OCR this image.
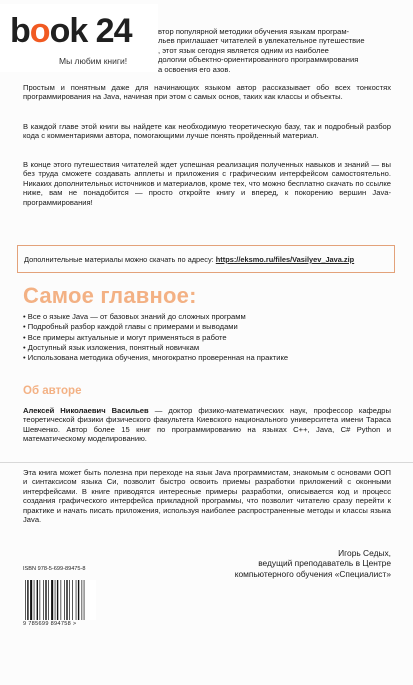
book 24
Мы любим книги!
втор популярной методики обучения языкам програм-
льев приглашает читателей в увлекательное путешествие
, этот язык сегодня является одним из наиболее
дологии объектно-ориентированного программирования
а освоения его азов.

Простым и понятным даже для начинающих языком автор рассказывает обо всех тонкостях программирования на Java, начиная при этом с самых основ, таких как классы и объекты.

В каждой главе этой книги вы найдете как необходимую теоретическую базу, так и подробный разбор кода с комментариями автора, помогающими лучше понять пройденный материал.

В конце этого путешествия читателей ждет успешная реализация полученных навыков и знаний — вы без труда сможете создавать апплеты и приложения с графическим интерфейсом самостоятельно. Никаких дополнительных источников и материалов, кроме тех, что можно бесплатно скачать по ссылке ниже, вам не понадобится — просто откройте книгу и вперед, к покорению вершин Java-программирования!

Дополнительные материалы можно скачать по адресу: https://eksmo.ru/files/Vasilyev_Java.zip
Самое главное:
• Все о языке Java — от базовых знаний до сложных программ
• Подробный разбор каждой главы с примерами и выводами
• Все примеры актуальные и могут применяться в работе
• Доступный язык изложения, понятный новичкам
• Использована методика обучения, многократно проверенная на практике
Об авторе

Алексей Николаевич Васильев — доктор физико-математических наук, профессор кафедры теоретической физики физического факультета Киевского национального университета имени Тараса Шевченко. Автор более 15 книг по программированию на языках C++, Java, C# Python и математическому моделированию.

Эта книга может быть полезна при переходе на язык Java программистам, знакомым с основами ООП и синтаксисом языка Си, позволит быстро освоить приемы разработки приложений с оконными интерфейсами. В книге приводятся интересные примеры разработки, описывается код и процесс создания графического интерфейса прикладной программы, что позволит читателю сразу перейти к практике и начать писать приложения, используя наиболее распространенные методы и классы языка Java.

Игорь Седых,
ведущий преподаватель в Центре
компьютерного обучения «Специалист»
ISBN 978-5-699-89475-8
9 785699 894758 >
